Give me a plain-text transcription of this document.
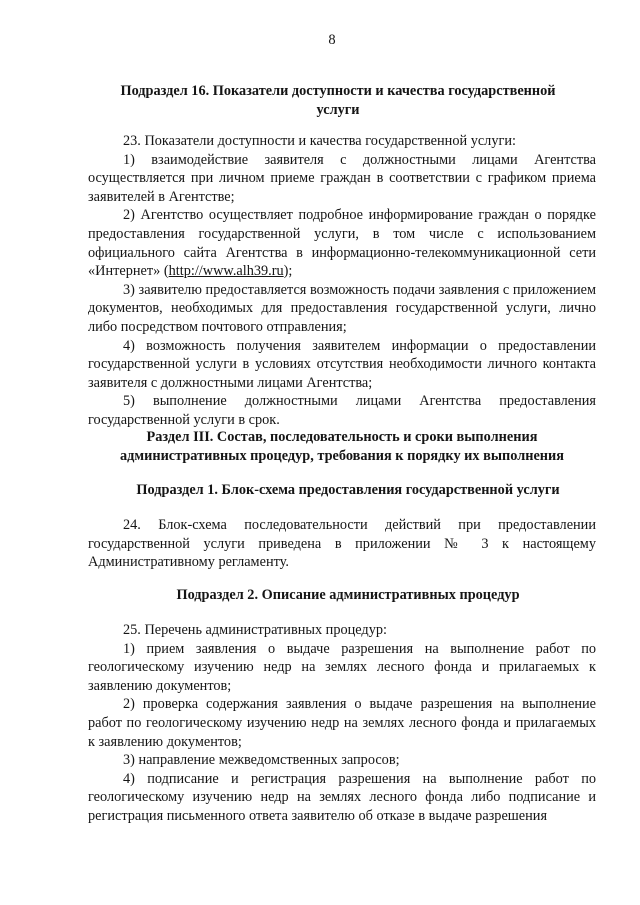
8

Подраздел 16. Показатели доступности и качества государственной услуги

23. Показатели доступности и качества государственной услуги:

1) взаимодействие заявителя с должностными лицами Агентства осуществляется при личном приеме граждан в соответствии с графиком приема заявителей в Агентстве;

2) Агентство осуществляет подробное информирование граждан о порядке предоставления государственной услуги, в том числе с использованием официального сайта Агентства в информационно-телекоммуникационной сети «Интернет» (http://www.alh39.ru);

3) заявителю предоставляется возможность подачи заявления с приложением документов, необходимых для предоставления государственной услуги, лично либо посредством почтового отправления;

4) возможность получения заявителем информации о предоставлении государственной услуги в условиях отсутствия необходимости личного контакта заявителя с должностными лицами Агентства;

5) выполнение должностными лицами Агентства предоставления государственной услуги в срок.

Раздел III. Состав, последовательность и сроки выполнения административных процедур, требования к порядку их выполнения

Подраздел 1. Блок-схема предоставления государственной услуги

24. Блок-схема последовательности действий при предоставлении государственной услуги приведена в приложении № 3 к настоящему Административному регламенту.

Подраздел 2. Описание административных процедур

25. Перечень административных процедур:

1) прием заявления о выдаче разрешения на выполнение работ по геологическому изучению недр на землях лесного фонда и прилагаемых к заявлению документов;

2) проверка содержания заявления о выдаче разрешения на выполнение работ по геологическому изучению недр на землях лесного фонда и прилагаемых к заявлению документов;

3) направление межведомственных запросов;

4) подписание и регистрация разрешения на выполнение работ по геологическому изучению недр на землях лесного фонда либо подписание и регистрация письменного ответа заявителю об отказе в выдаче разрешения
